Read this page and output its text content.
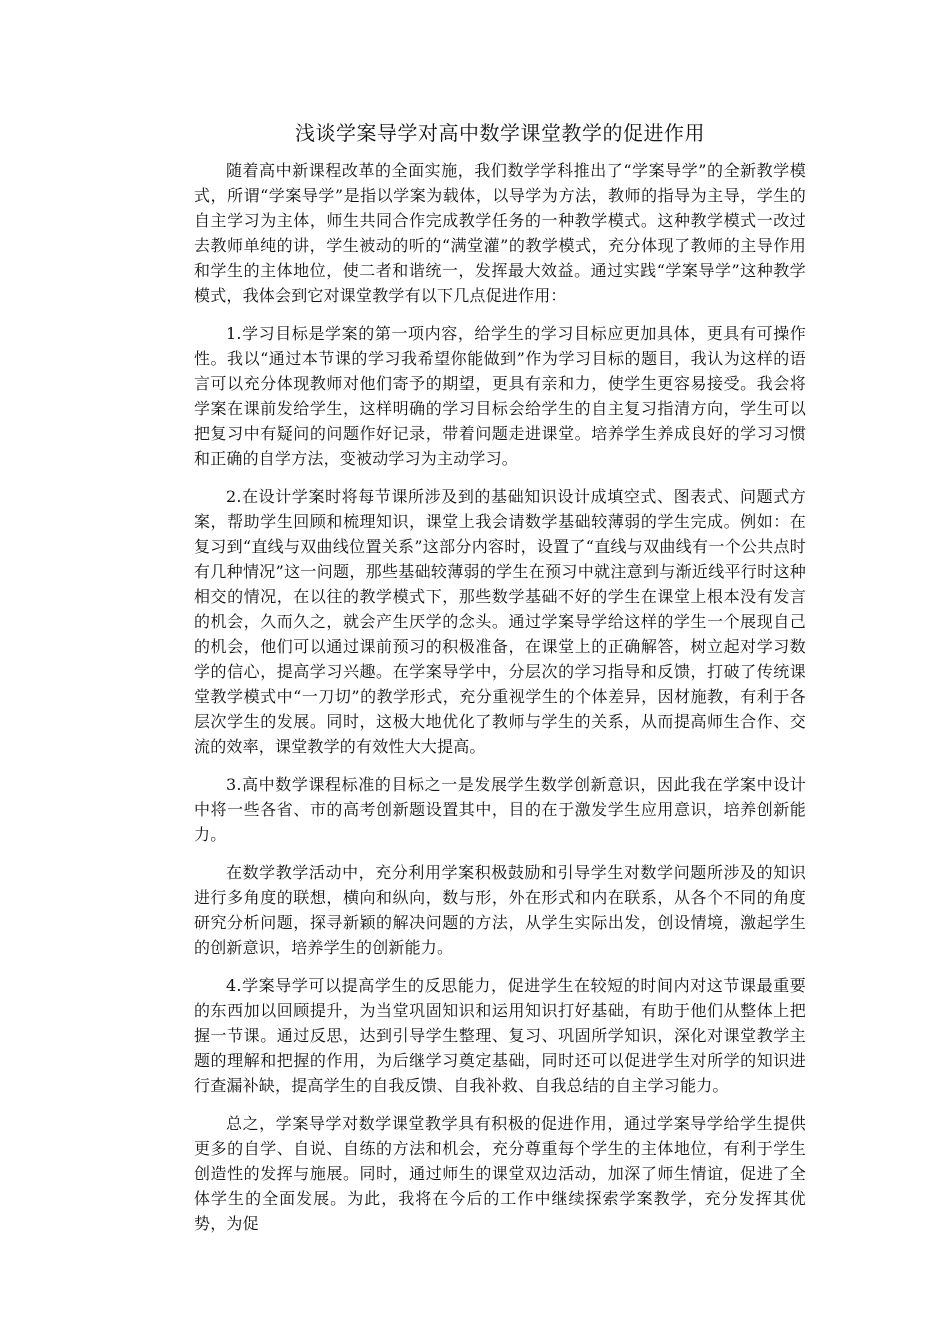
浅谈学案导学对高中数学课堂教学的促进作用

随着高中新课程改革的全面实施，我们数学学科推出了“学案导学”的全新教学模式，所谓“学案导学”是指以学案为载体，以导学为方法，教师的指导为主导，学生的自主学习为主体，师生共同合作完成教学任务的一种教学模式。这种教学模式一改过去教师单纯的讲，学生被动的听的“满堂灌”的教学模式，充分体现了教师的主导作用和学生的主体地位，使二者和谐统一，发挥最大效益。通过实践“学案导学”这种教学模式，我体会到它对课堂教学有以下几点促进作用：

1.学习目标是学案的第一项内容，给学生的学习目标应更加具体，更具有可操作性。我以“通过本节课的学习我希望你能做到”作为学习目标的题目，我认为这样的语言可以充分体现教师对他们寄予的期望，更具有亲和力，使学生更容易接受。我会将学案在课前发给学生，这样明确的学习目标会给学生的自主复习指清方向，学生可以把复习中有疑问的问题作好记录，带着问题走进课堂。培养学生养成良好的学习习惯和正确的自学方法，变被动学习为主动学习。

2.在设计学案时将每节课所涉及到的基础知识设计成填空式、图表式、问题式方案，帮助学生回顾和梳理知识，课堂上我会请数学基础较薄弱的学生完成。例如：在复习到“直线与双曲线位置关系”这部分内容时，设置了“直线与双曲线有一个公共点时有几种情况”这一问题，那些基础较薄弱的学生在预习中就注意到与渐近线平行时这种相交的情况，在以往的教学模式下，那些数学基础不好的学生在课堂上根本没有发言的机会，久而久之，就会产生厌学的念头。通过学案导学给这样的学生一个展现自己的机会，他们可以通过课前预习的积极准备，在课堂上的正确解答，树立起对学习数学的信心，提高学习兴趣。在学案导学中，分层次的学习指导和反馈，打破了传统课堂教学模式中“一刀切”的教学形式，充分重视学生的个体差异，因材施教，有利于各层次学生的发展。同时，这极大地优化了教师与学生的关系，从而提高师生合作、交流的效率，课堂教学的有效性大大提高。

3.高中数学课程标准的目标之一是发展学生数学创新意识，因此我在学案中设计中将一些各省、市的高考创新题设置其中，目的在于激发学生应用意识，培养创新能力。

在数学教学活动中，充分利用学案积极鼓励和引导学生对数学问题所涉及的知识进行多角度的联想，横向和纵向，数与形，外在形式和内在联系，从各个不同的角度研究分析问题，探寻新颖的解决问题的方法，从学生实际出发，创设情境，激起学生的创新意识，培养学生的创新能力。

4.学案导学可以提高学生的反思能力，促进学生在较短的时间内对这节课最重要的东西加以回顾提升，为当堂巩固知识和运用知识打好基础，有助于他们从整体上把握一节课。通过反思，达到引导学生整理、复习、巩固所学知识，深化对课堂教学主题的理解和把握的作用，为后继学习奠定基础，同时还可以促进学生对所学的知识进行查漏补缺，提高学生的自我反馈、自我补救、自我总结的自主学习能力。

总之，学案导学对数学课堂教学具有积极的促进作用，通过学案导学给学生提供更多的自学、自说、自练的方法和机会，充分尊重每个学生的主体地位，有利于学生创造性的发挥与施展。同时，通过师生的课堂双边活动，加深了师生情谊，促进了全体学生的全面发展。为此，我将在今后的工作中继续探索学案教学，充分发挥其优势，为促
